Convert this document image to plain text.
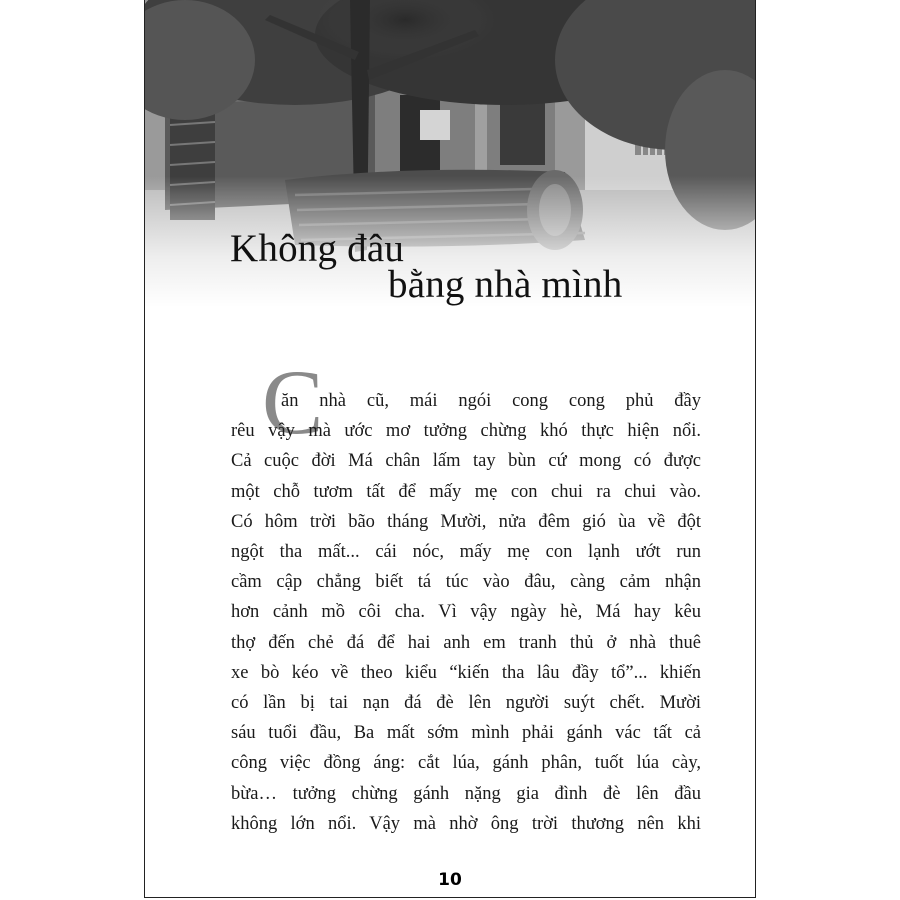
Không đâu
bằng nhà mình
C
ăn nhà cũ, mái ngói cong cong phủ đầy
rêu vậy mà ước mơ tưởng chừng khó thực hiện nổi.
Cả cuộc đời Má chân lấm tay bùn cứ mong có được
một chỗ tươm tất để mấy mẹ con chui ra chui vào.
Có hôm trời bão tháng Mười, nửa đêm gió ùa về đột
ngột tha mất... cái nóc, mấy mẹ con lạnh ướt run
cầm cập chẳng biết tá túc vào đâu, càng cảm nhận
hơn cảnh mồ côi cha. Vì vậy ngày hè, Má hay kêu
thợ đến chẻ đá để hai anh em tranh thủ ở nhà thuê
xe bò kéo về theo kiểu “kiến tha lâu đầy tổ”... khiến
có lần bị tai nạn đá đè lên người suýt chết. Mười
sáu tuổi đầu, Ba mất sớm mình phải gánh vác tất cả
công việc đồng áng: cắt lúa, gánh phân, tuốt lúa cày,
bừa… tưởng chừng gánh nặng gia đình đè lên đầu
không lớn nổi. Vậy mà nhờ ông trời thương nên khi
10
